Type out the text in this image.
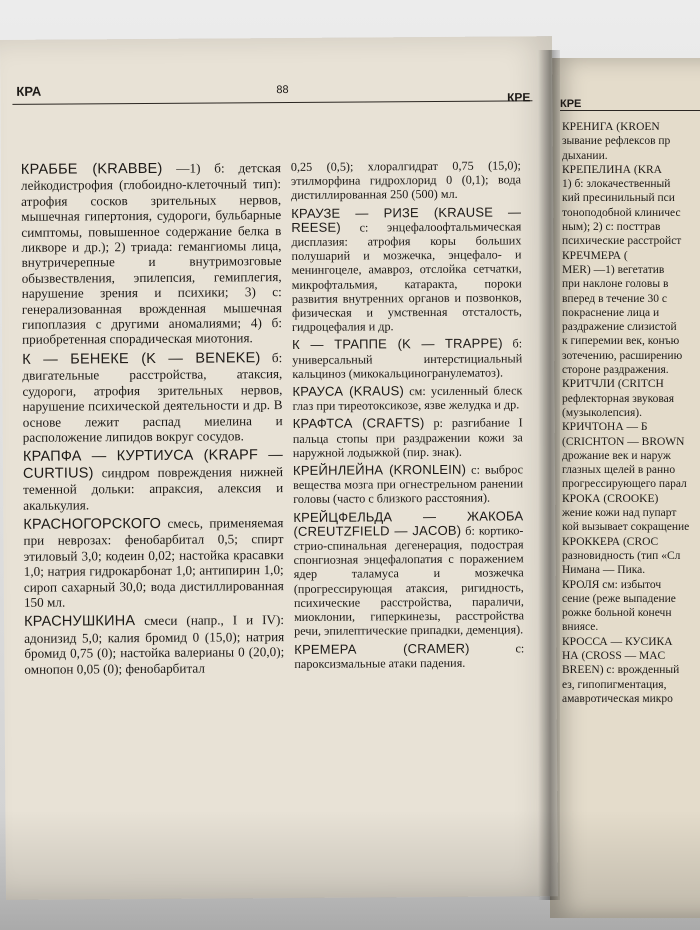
КРЕ
КРЕНИГА (KROEN
зывание рефлексов пр
дыхании.
КРЕПЕЛИНА (KRA
1) б: злокачественный
кий пресинильный пси
тоноподобной клиничес
ным); 2) с: посттрав
психические расстройст
КРЕЧМЕРА (
MER) —1) вегетатив
при наклоне головы в
вперед в течение 30 с
покраснение лица и
раздражение слизистой
к гиперемии век, конъю
зотечению, расширению
стороне раздражения.
КРИТЧЛИ (CRITCH
рефлекторная звуковая
(музыколепсия).
КРИЧТОНА — Б
(CRICHTON — BROWN
дрожание век и наруж
глазных щелей в ранно
прогрессирующего парал
КРОКА (CROOKE)
жение кожи над пупарт
кой вызывает сокращение
КРОККЕРА (CROC
разновидность (тип «Сл
Нимана — Пика.
КРОЛЯ см: избыточ
сение (реже выпадение
рожке больной конечн
вниясе.
КРОССА — КУСИКА
НА (CROSS — MAC
BREEN) с: врожденный
ез, гипопигментация,
амавротическая микро
КРА	88
КРЕ

КРАББЕ (KRABBE) —1) б: детская лейкодистрофия (глобоидно-клеточный тип): атрофия сосков зрительных нервов, мышечная гипертония, судороги, бульбарные симптомы, повышенное содержание белка в ликворе и др.); 2) триада: гемангиомы лица, внутричерепные и внутримозговые обызвествления, эпилепсия, гемиплегия, нарушение зрения и психики; 3) с: генерализованная врожденная мышечная гипоплазия с другими аномалиями; 4) б: приобретенная спорадическая миотония.

К — БЕНЕКЕ (K — BENEKE) б: двигательные расстройства, атаксия, судороги, атрофия зрительных нервов, нарушение психической деятельности и др. В основе лежит распад миелина и расположение липидов вокруг сосудов.

КРАПФА — КУРТИУСА (KRAPF — CURTIUS) синдром повреждения нижней теменной дольки: апраксия, алексия и акалькулия.

КРАСНОГОРСКОГО смесь, применяемая при неврозах: фенобарбитал 0,5; спирт этиловый 3,0; кодеин 0,02; настойка красавки 1,0; натрия гидрокарбонат 1,0; антипирин 1,0; сироп сахарный 30,0; вода дистиллированная 150 мл.

КРАСНУШКИНА смеси (напр., I и IV): адонизид 5,0; калия бромид 0 (15,0); натрия бромид 0,75 (0); настойка валерианы 0 (20,0); омнопон 0,05 (0); фенобарбитал

0,25 (0,5); хлоралгидрат 0,75 (15,0); этилморфина гидрохлорид 0 (0,1); вода дистиллированная 250 (500) мл.

КРАУЗЕ — РИЗЕ (KRAUSE — REESE) с: энцефалоофтальмическая дисплазия: атрофия коры больших полушарий и мозжечка, энцефало- и менингоцеле, амавроз, отслойка сетчатки, микрофтальмия, катаракта, пороки развития внутренних органов и позвонков, физическая и умственная отсталость, гидроцефалия и др.

К — ТРАППЕ (K — TRAPPE) б: универсальный интерстициальный кальциноз (микокальциногранулематоз).

КРАУСА (KRAUS) см: усиленный блеск глаз при тиреотоксикозе, язве желудка и др.

КРАФТСА (CRAFTS) р: разгибание I пальца стопы при раздражении кожи за наружной лодыжкой (пир. знак).

КРЕЙНЛЕЙНА (KRONLEIN) с: выброс вещества мозга при огнестрельном ранении головы (часто с близкого расстояния).

КРЕЙЦФЕЛЬДА — ЖАКОБА (CREUTZFIELD — JACOB) б: кортико-стрио-спинальная дегенерация, подострая спонгиозная энцефалопатия с поражением ядер таламуса и мозжечка (прогрессирующая атаксия, ригидность, психические расстройства, параличи, миоклонии, гиперкинезы, расстройства речи, эпилептические припадки, деменция).

КРЕМЕРА (CRAMER) с: пароксизмальные атаки падения.
